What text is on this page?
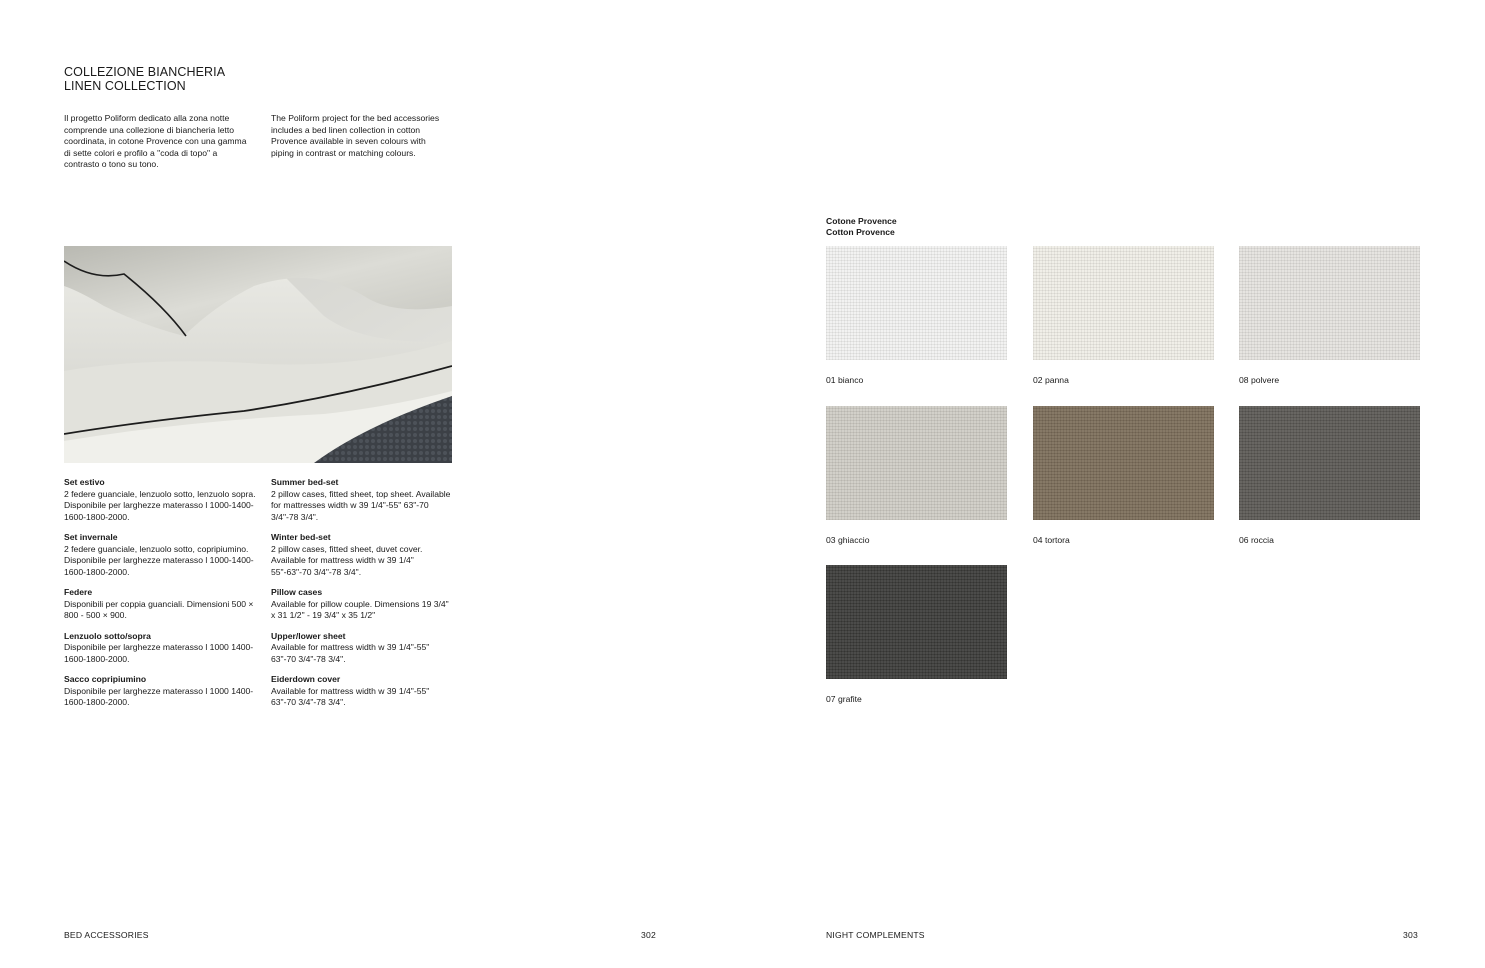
COLLEZIONE BIANCHERIA
LINEN COLLECTION
Il progetto Poliform dedicato alla zona notte comprende una collezione di biancheria letto coordinata, in cotone Provence con una gamma di sette colori e profilo a "coda di topo" a contrasto o tono su tono.
The Poliform project for the bed accessories includes a bed linen collection in cotton Provence available in seven colours with piping in contrast or matching colours.
Set estivo
2 federe guanciale, lenzuolo sotto, lenzuolo sopra. Disponibile per larghezze materasso l 1000-1400-1600-1800-2000.
Set invernale
2 federe guanciale, lenzuolo sotto, copripiumino. Disponibile per larghezze materasso l 1000-1400-1600-1800-2000.
Federe
Disponibili per coppia guanciali. Dimensioni 500 × 800 - 500 × 900.
Lenzuolo sotto/sopra
Disponibile per larghezze materasso l 1000 1400-1600-1800-2000.
Sacco copripiumino
Disponibile per larghezze materasso l 1000 1400-1600-1800-2000.
Summer bed-set
2 pillow cases, fitted sheet, top sheet. Available for mattresses width w 39 1/4"-55" 63"-70 3/4"-78 3/4".
Winter bed-set
2 pillow cases, fitted sheet, duvet cover. Available for mattress width w 39 1/4" 55"-63"-70 3/4"-78 3/4".
Pillow cases
Available for pillow couple. Dimensions 19 3/4" x 31 1/2" - 19 3/4" x 35 1/2"
Upper/lower sheet
Available for mattress width w 39 1/4"-55" 63"-70 3/4"-78 3/4".
Eiderdown cover
Available for mattress width w 39 1/4"-55" 63"-70 3/4"-78 3/4".
BED ACCESSORIES	302
Cotone Provence
Cotton Provence
01 bianco	02 panna	08 polvere
03 ghiaccio	04 tortora	06 roccia
07 grafite
NIGHT COMPLEMENTS	303
